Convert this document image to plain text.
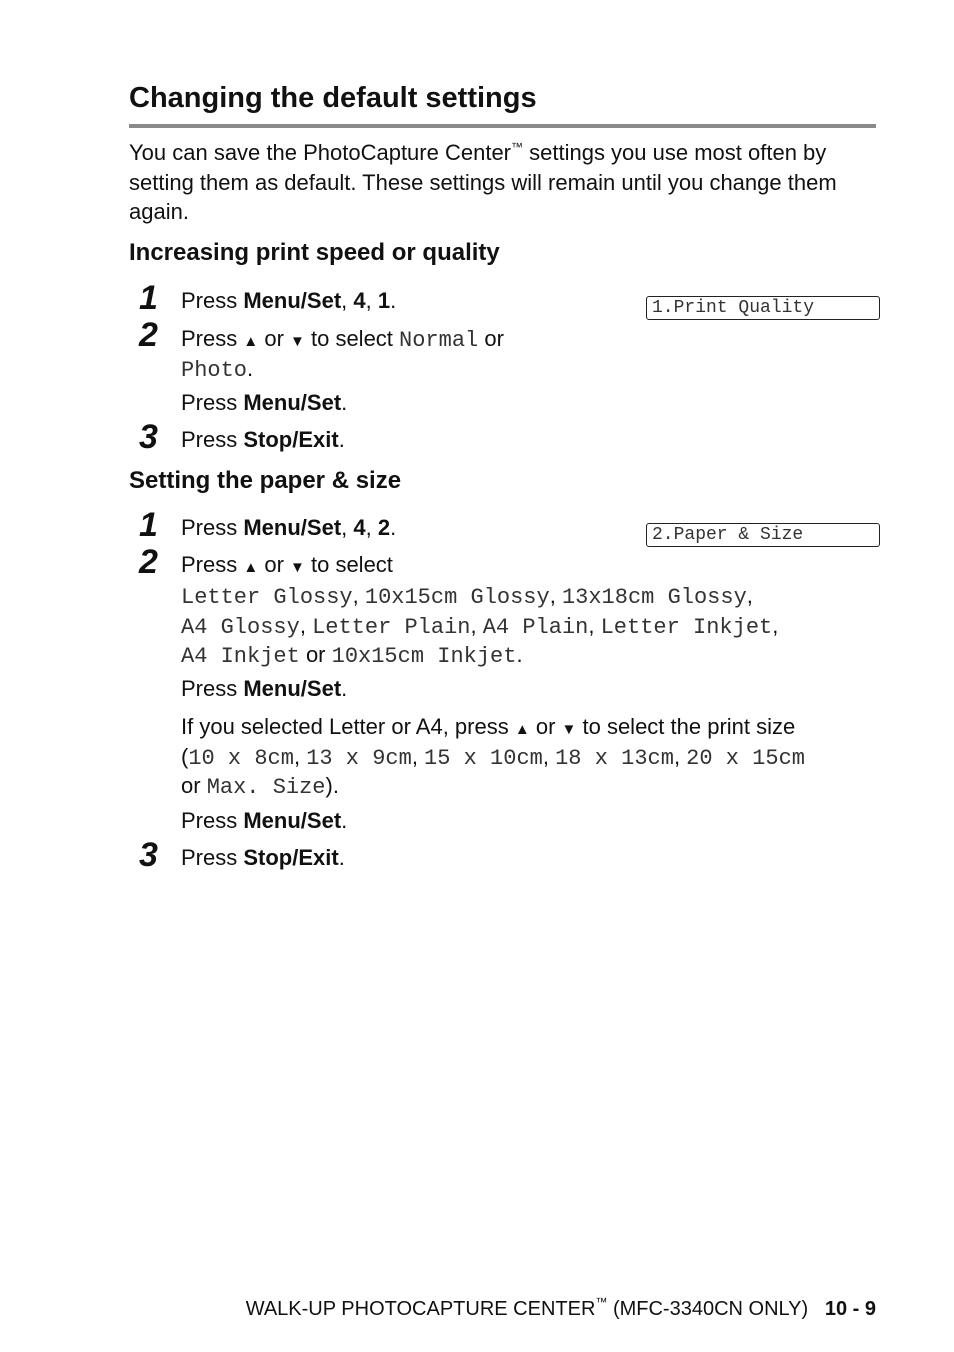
Changing the default settings
You can save the PhotoCapture Center™ settings you use most often by setting them as default. These settings will remain until you change them again.
Increasing print speed or quality
1 Press Menu/Set, 4, 1.	1.Print Quality
2 Press ▲ or ▼ to select Normal or
Photo.
Press Menu/Set.
3 Press Stop/Exit.
Setting the paper & size
1 Press Menu/Set, 4, 2.	2.Paper & Size
2 Press ▲ or ▼ to select
Letter Glossy, 10x15cm Glossy, 13x18cm Glossy,
A4 Glossy, Letter Plain, A4 Plain, Letter Inkjet,
A4 Inkjet or 10x15cm Inkjet.
Press Menu/Set.
If you selected Letter or A4, press ▲ or ▼ to select the print size
(10 x 8cm, 13 x 9cm, 15 x 10cm, 18 x 13cm, 20 x 15cm
or Max. Size).
Press Menu/Set.
3 Press Stop/Exit.
WALK-UP PHOTOCAPTURE CENTER™ (MFC-3340CN ONLY) 10 - 9
